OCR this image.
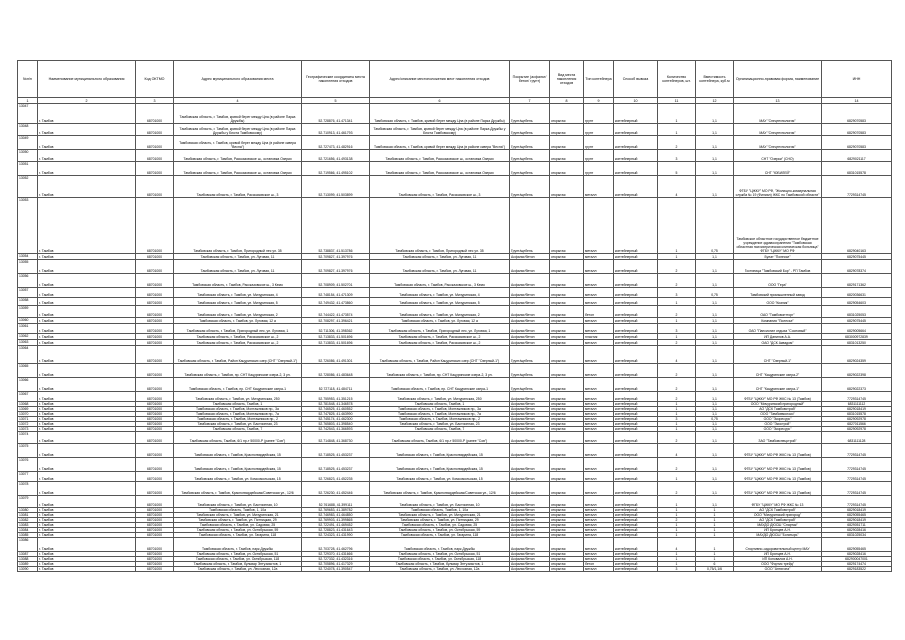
№п/п	Наименование муниципального образования	Код ОКТМО	Адрес муниципального образования места	Географические координаты места накопления отходов	Адрес/описание местоположения мест накопления отходов	Покрытие (асфальт/бетон/ грунт)	Вид места накопления отходов	Тип контейнера	Способ вывоза	Количество контейнеров, шт.	Вместимость контейнера, куб.м	Организационно-правовая форма, наименование	ИНН
1	2	3	4	5	6	7	8	9	10	11	12	13	14
13047	г. Тамбов	68701000	Тамбовская область, г. Тамбов, кривой берег между Цна (в районе Парка Дружбы)	52.728876, 41.471341	Тамбовская область, г. Тамбов, кривой берег между Цна (в районе Парка Дружбы)	Грунт/щебень	открытая	грунт	контейнерный	1	1,1	МАУ "Спецтехнология"	6829070583
13048	г. Тамбов	68701000	Тамбовская область, г. Тамбов, кривой берег между Цна (в районе Парка Дружбы у Бюста Тамбовскому)	52.710913, 41.461793	Тамбовская область, г. Тамбов, кривой берег между Цна (в районе Парка Дружбы у Бюста Тамбовскому)	Грунт/щебень	открытая	грунт	контейнерный	1	1,1	МАУ "Спецтехнология"	6829070583
13049	г. Тамбов	68701000	Тамбовская область, г. Тамбов, кривой берег между Цна (в районе сквера "Весна")	52.727473, 41.482916	Тамбовская область, г. Тамбов, кривой берег между Цна (в районе сквера "Весна")	Грунт/щебень	открытая	грунт	контейнерный	2	1,1	МАУ "Спецтехнология"	6829070583
13050	г. Тамбов	68701000	Тамбовская область, г. Тамбов, Рассказовское ш., остановка Озерки	52.721656, 41.493138	Тамбовская область, г. Тамбов, Рассказовское ш., остановка Озерки	Грунт/щебень	открытая	грунт	контейнерный	3	1,1	СНТ "Озерки" (СНО)	6829021117
13051	г. Тамбов	68701000	Тамбовская область, г. Тамбов, Рассказовское ш., остановка Озерки	52.719566, 41.495102	Тамбовская область, г. Тамбов, Рассказовское ш., остановка Озерки	Грунт/щебень	открытая	грунт	контейнерный	5	1,1	СНТ "ЮБИЛЕЙ"	6831015578
13052	г. Тамбов	68701000	Тамбовская область, г. Тамбов, Рассказовское ш., 3	52.713099, 41.503899	Тамбовская область, г. Тамбов, Рассказовское ш., 3	Грунт/щебень	открытая	металл	контейнерный	4	1,1	ФГБУ "ЦЖКУ" МО РФ, "Жилищно-коммунальная служба № 19 (Филиал) ЖКС по Тамбовской области"	7729314745
13053	г. Тамбов	68701000	Тамбовская область, г. Тамбов, Пригородный лес ул. 35	52.738837, 41.513786	Тамбовская область, г. Тамбов, Пригородный лес ул. 35	Грунт/щебень	открытая	металл	контейнерный	1	0,75	Тамбовское областное государственное бюджетное учреждение здравоохранения "Тамбовская областная психиатрическая клиническая больница" ФГБУ "ЦЖКУ" МО РФ	6829040163
13054	г. Тамбов	68701000	Тамбовская область, г. Тамбов, ул. Луговая, 11	52.709827, 41.397976	Тамбовская область, г. Тамбов, ул. Луговая, 11	Асфальт/бетон	открытая	металл	контейнерный	1	1,1	Булат "Полесье"	6829075445
13055	г. Тамбов	68701000	Тамбовская область, г. Тамбов, ул. Луговая, 11	52.709827, 41.397976	Тамбовская область, г. Тамбов, ул. Луговая, 11	Асфальт/бетон	открытая	металл	контейнерный	2	1,1	Гостиница "Тамбовский Бор" - РП Тамбов	6829078374
13056	г. Тамбов	68701000	Тамбовская область, г. Тамбов, Рассказовское ш., 3 Кемо	52.708909, 41.502701	Тамбовская область, г. Тамбов, Рассказовское ш., 3 Кемо	Асфальт/бетон	открытая	металл	контейнерный	2	1,1	ООО "Гера"	6829171362
13057	г. Тамбов	68701000	Тамбовская область, г. Тамбов, ул. Мичуринская, 4	52.748154, 41.471309	Тамбовская область, г. Тамбов, ул. Мичуринская, 4	Асфальт/бетон	открытая	металл	контейнерный	3	0,75	Тамбовский промышленный завод	6820036631
13058	г. Тамбов	68701000	Тамбовская область, г. Тамбов, ул. Мичуринская, 5	52.749432, 41.473860	Тамбовская область, г. Тамбов, ул. Мичуринская, 5	Асфальт/бетон	открытая	металл	контейнерный	1	1,1	ООО "Кизлик"	6829054603
13059	г. Тамбов	68701000	Тамбовская область, г. Тамбов, ул. Мичуринская, 2	52.744422, 41.473574	Тамбовская область, г. Тамбов, ул. Мичуринская, 2	Асфальт/бетон	открытая	бетон	контейнерный	2	1,1	ОАО "Тамбовоптторг"	6831025053
13060	г. Тамбов	68701000	Тамбовская область, г. Тамбов, ул. Луговая, 12 а	52.708297, 41.396421	Тамбовская область, г. Тамбов, ул. Луговая, 12 а	Асфальт/бетон	открытая	металл	контейнерный	1	1,1	Компания "Полесье"	6829075445
13061	г. Тамбов	68701000	Тамбовская область, г. Тамбов, Пригородный лес, ул. Луговая, 1	52.711306, 41.398362	Тамбовская область, г. Тамбов, Пригородный лес, ул. Луговая, 1	Асфальт/бетон	открытая	металл	контейнерный	3	1,1	ОАО "Пансионат отдыха "Сосновый"	6829005664
13062	г. Тамбов	68701000	Тамбовская область, г. Тамбов, Рассказовское ш., 2	52.713833, 41.501696	Тамбовская область, г. Тамбов, Рассказовское ш., 2	Асфальт/бетон	открытая	пластик	контейнерный	1	1,1	ИП Данилов А.А.	683000972839
13063	г. Тамбов	68701000	Тамбовская область, г. Тамбов, Рассказовское ш., 2	52.713833, 41.501696	Тамбовская область, г. Тамбов, Рассказовское ш., 2	Асфальт/бетон	открытая	металл	контейнерный	2	1,1	ОАО "ДСК Аквадом"	6831013250
13064	г. Тамбов	68701000	Тамбовская область, г. Тамбов, Район Кацуринских озер (СНТ "Озерный-1")	52.726086, 41.491301	Тамбовская область, г. Тамбов, Район Кацуринских озер (СНТ "Озерный-1")	Грунт/щебень	открытая	металл	контейнерный	4	1,1	СНТ "Озерный-1"	6829024359
13065	г. Тамбов	68701000	Тамбовская область, г. Тамбов, пр. СНТ Кацуринские озера-2, 3 ул.	52.728086, 41.483648	Тамбовская область, г. Тамбов, пр. СНТ Кацуринские озера-2, 3 ул.	Грунт/щебень	открытая	металл	контейнерный	2	1,1	СНТ "Кацуринские озера-2"	6829022398
13066	г. Тамбов	68701000	Тамбовская область, г. Тамбов, пр. СНТ Кацуринские озера-1	52.727118, 41.484711	Тамбовская область, г. Тамбов, пр. СНТ Кацуринские озера-1	Грунт/щебень	открытая	металл	контейнерный	2	1,1	СНТ "Кацуринские озера-1"	6829022373
13067	г. Тамбов	68701000	Тамбовская область, г. Тамбов, ул. Мичуринская, 250	52.755953, 41.351215	Тамбовская область, г. Тамбов, ул. Мичуринская, 250	Асфальт/бетон	открытая	металл	контейнерный	2	1,1	ФГБУ "ЦЖКУ" МО РФ ЖКС № 13 (Тамбов)	7729314745
13068	г. Тамбов	68701000	Тамбовская область, Тамбов, 1	52.781548, 41.346578	Тамбовская область, Тамбов, 1	Асфальт/бетон	открытая	металл	контейнерный	1	1,1	ООО "Мичуринский пригородный"	6831111112
13069	г. Тамбов	68701000	Тамбовская область, г. Тамбов, Монтажников пр., 3а	52.746525, 41.460552	Тамбовская область, г. Тамбов, Монтажников пр., 3а	Асфальт/бетон	открытая	металл	контейнерный	1	1,1	АО "ДСК Тамбовстрой"	6829018419
13070	г. Тамбов	68701000	Тамбовская область, г. Тамбов, Монтажников пр., 7а	52.747825, 41.463990	Тамбовская область, г. Тамбов, Монтажников пр., 7а	Асфальт/бетон	открытая	металл	контейнерный	1	1,1	ООО "Тамбовмолоко"	6831015578
13071	г. Тамбов	68701000	Тамбовская область, г. Тамбов, Монтажников пр., 2	52.745174, 41.462300	Тамбовская область, г. Тамбов, Монтажников пр., 2	Асфальт/бетон	открытая	металл	контейнерный	3	0,75	ООО "Экоресурс"	6829092978
13072	г. Тамбов	68701000	Тамбовская область, г. Тамбов, ул. Бастионная, 23	52.765803, 41.398540	Тамбовская область, г. Тамбов, ул. Бастионная, 23	Асфальт/бетон	открытая	металл	контейнерный	1	1,1	ООО "Экострой"	6827011566
13073	г. Тамбов	68701000	Тамбовская область, Тамбов, 7	52.742543, 41.366593	Тамбовская область, Тамбов, 7	Асфальт/бетон	открытая	металл	контейнерный	1	1,1	ООО "Экоресурс"	6829092978
13074	г. Тамбов	68701000	Тамбовская область, Тамбов, 6/1 пр-т 50000-Р (ранее "Сов")	52.714848, 41.368730	Тамбовская область, Тамбов, 6/1 пр-т 50000-Р (ранее "Сов")	Асфальт/бетон	открытая	металл	контейнерный	2	1,1	ЗАО "Тамбовспецстрой"	6831111128
13075	г. Тамбов	68701000	Тамбовская область, г. Тамбов, Красногвардейская, 15	52.718525, 41.453237	Тамбовская область, г. Тамбов, Красногвардейская, 15	Асфальт/бетон	открытая	металл	контейнерный	4	1,1	ФГБУ "ЦЖКУ" МО РФ ЖКС № 13 (Тамбов)	7729314745
13076	г. Тамбов	68701000	Тамбовская область, г. Тамбов, Красногвардейская, 15	52.718525, 41.453237	Тамбовская область, г. Тамбов, Красногвардейская, 15	Асфальт/бетон	открытая	металл	контейнерный	2	1,1	ФГБУ "ЦЖКУ" МО РФ ЖКС № 13 (Тамбов)	7729314745
13077	г. Тамбов	68701000	Тамбовская область, г. Тамбов, ул. Комсомольская, 15	52.726823, 41.452235	Тамбовская область, г. Тамбов, ул. Комсомольская, 15	Асфальт/бетон	открытая	металл	контейнерный	1	1,1	ФГБУ "ЦЖКУ" МО РФ ЖКС № 13 (Тамбов)	7729314745
13078	г. Тамбов	68701000	Тамбовская область, г. Тамбов, Красногвардейская/Советская ул., 12/6	52.726230, 41.452446	Тамбовская область, г. Тамбов, Красногвардейская/Советская ул., 12/6	Асфальт/бетон	открытая	металл	контейнерный	2	1,1	ФГБУ "ЦЖКУ" МО РФ ЖКС № 13 (Тамбов)	7729314745
13079	г. Тамбов	68701000	Тамбовская область, г. Тамбов, ул. Бастионная, 10	52.761688, 41.399111	Тамбовская область, г. Тамбов, ул. Бастионная, 10	Асфальт/бетон	открытая	металл	контейнерный	1	1,1	ФГБУ "ЦЖКУ" МО РФ ЖКС № 13	7729314745
13080	г. Тамбов	68701000	Тамбовская область, Тамбов, 1, 10а	52.769653, 41.389782	Тамбовская область, Тамбов, 1, 10а	Асфальт/бетон	открытая	металл	контейнерный	1	1	АО "ДСК Тамбовстрой"	6829018419
13081	г. Тамбов	68701000	Тамбовская область, г. Тамбов, ул. Мичуринская, 21	52.746983, 41.464850	Тамбовская область, г. Тамбов, ул. Мичуринская, 21	Асфальт/бетон	открытая	металл	контейнерный	1	1	ООО "Мичуринский пригород"	6829055465
13082	г. Тамбов	68701000	Тамбовская область, г. Тамбов, ул. Пятницкая, 29	52.769903, 41.399865	Тамбовская область, г. Тамбов, ул. Пятницкая, 29	Асфальт/бетон	открытая	металл	контейнерный	2	1	АО "ДСК Тамбовстрой"	6829018419
13083	г. Тамбов	68701000	Тамбовская область, г. Тамбов, ул. Садовая, 25	52.722491, 41.469452	Тамбовская область, г. Тамбов, ул. Садовая, 25	Асфальт/бетон	открытая	металл	контейнерный	1	1	МАУДО ДЮСШ "Спартак"	6829051711
13084	г. Тамбов	68701000	Тамбовская область, г. Тамбов, ул. Октябрьская, 59	52.728823, 41.431643	Тамбовская область, г. Тамбов, ул. Октябрьская, 59	Асфальт/бетон	открытая	металл	контейнерный	1	1	ИП Брянцев А.Н.	6829028416
13085	г. Тамбов	68701000	Тамбовская область, г. Тамбов, ул. Гагарина, 118	52.724323, 41.431990	Тамбовская область, г. Тамбов, ул. Гагарина, 118	Асфальт/бетон	открытая	металл	контейнерный	1	1	МАУДО ДЮСШ "Богатырь"	6831025034
13086	г. Тамбов	68701000	Тамбовская область, г. Тамбов, парк Дружбы	52.703728, 41.462796	Тамбовская область, г. Тамбов, парк Дружбы	Асфальт/бетон	открытая	металл	контейнерный	4	1	Спортивно-оздоровительный центр МАУ	6829055465
13087	г. Тамбов	68701000	Тамбовская область, г. Тамбов, ул. Октябрьская, 51	52.729370, 41.431666	Тамбовская область, г. Тамбов, ул. Октябрьская, 51	Асфальт/бетон	открытая	металл	контейнерный	1	1	ИП Брянцев А.Н.	6829028416
13088	г. Тамбов	68701000	Тамбовская область, г. Тамбов, ул. Октябрьская, 118	52.727332, 41.432316	Тамбовская область, г. Тамбов, ул. Октябрьская, 118	Асфальт/бетон	открытая	металл	контейнерный	1	1	ИП Коновалов А.Н.	682900047001
13089	г. Тамбов	68701000	Тамбовская область, г. Тамбов, бульвар Энтузиастов, 1	52.705896, 41.417329	Тамбовская область, г. Тамбов, бульвар Энтузиастов, 1	Асфальт/бетон	открытая	бетон	контейнерный	1	6	ООО "Фортис трейд"	6829174474
13090	г. Тамбов	68701000	Тамбовская область, г. Тамбов, ул. Лесхозная, 12а	52.724078, 41.390547	Тамбовская область, г. Тамбов, ул. Лесхозная, 12а	Асфальт/бетон	открытая	металл	контейнерный	3	0,75/1,1/6	ООО "Антигона"	6829183522
